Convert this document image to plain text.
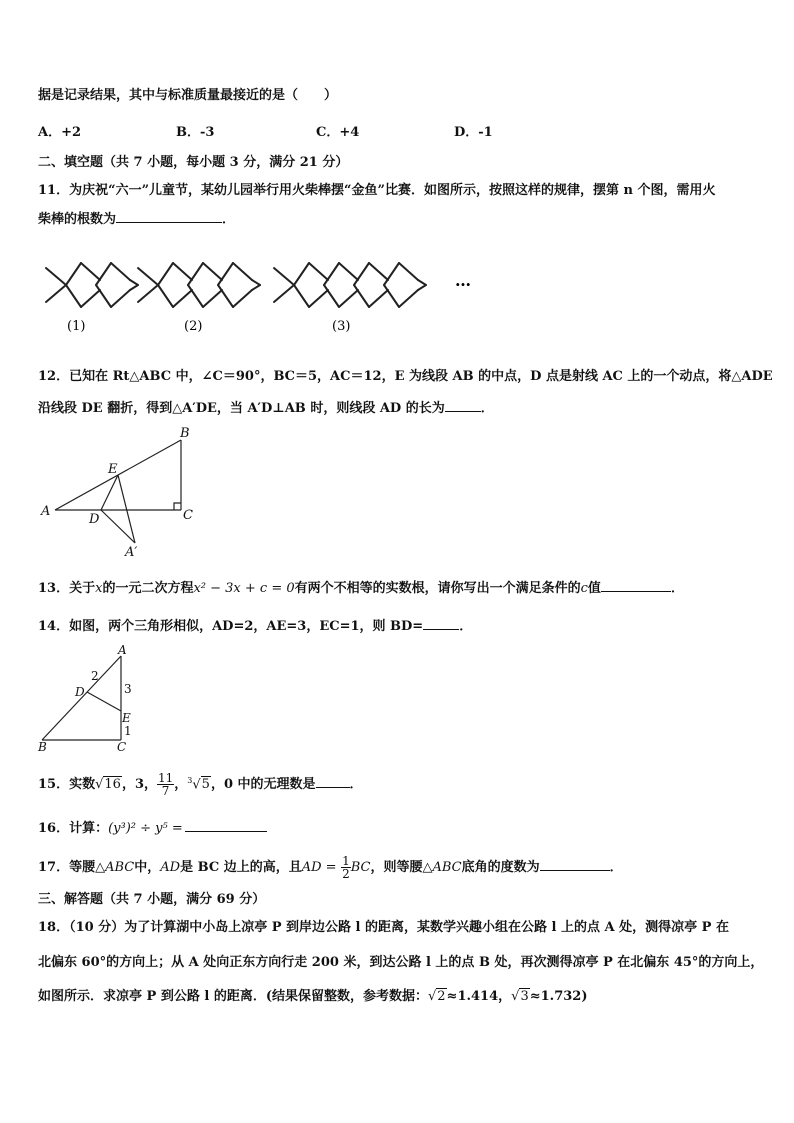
据是记录结果，其中与标准质量最接近的是（　　）
A．+2	B．-3	C．+4	D．-1
二、填空题（共 7 小题，每小题 3 分，满分 21 分）
11．为庆祝“六一”儿童节，某幼儿园举行用火柴棒摆“金鱼”比赛．如图所示，按照这样的规律，摆第 n 个图，需用火
柴棒的根数为	．
(1)	(2)	(3)
…
12．已知在 Rt△ABC 中，∠C＝90°，BC＝5，AC＝12，E 为线段 AB 的中点，D 点是射线 AC 上的一个动点，将△ADE
沿线段 DE 翻折，得到△A′DE，当 A′D⊥AB 时，则线段 AD 的长为	．
A
B
C
D
E
A′
13．关于x的一元二次方程x² − 3x + c = 0有两个不相等的实数根，请你写出一个满足条件的c值	．
14．如图，两个三角形相似，AD=2，AE=3，EC=1，则 BD=	．
A
B	C
D
E
2
3
1
15．实数√16，3， $\frac{11}{7}$ ，$^3$√5，0 中的无理数是	．
16．计算：(y³)² ÷ y⁵ =
17．等腰△ABC中，AD是 BC 边上的高，且AD = $\frac{1}{2}$ BC，则等腰△ABC底角的度数为	．
三、解答题（共 7 小题，满分 69 分）
18．（10 分）为了计算湖中小岛上凉亭 P 到岸边公路 l 的距离，某数学兴趣小组在公路 l 上的点 A 处，测得凉亭 P 在
北偏东 60°的方向上；从 A 处向正东方向行走 200 米，到达公路 l 上的点 B 处，再次测得凉亭 P 在北偏东 45°的方向上，
如图所示．求凉亭 P 到公路 l 的距离．(结果保留整数，参考数据：√2≈1.414，√3≈1.732)
